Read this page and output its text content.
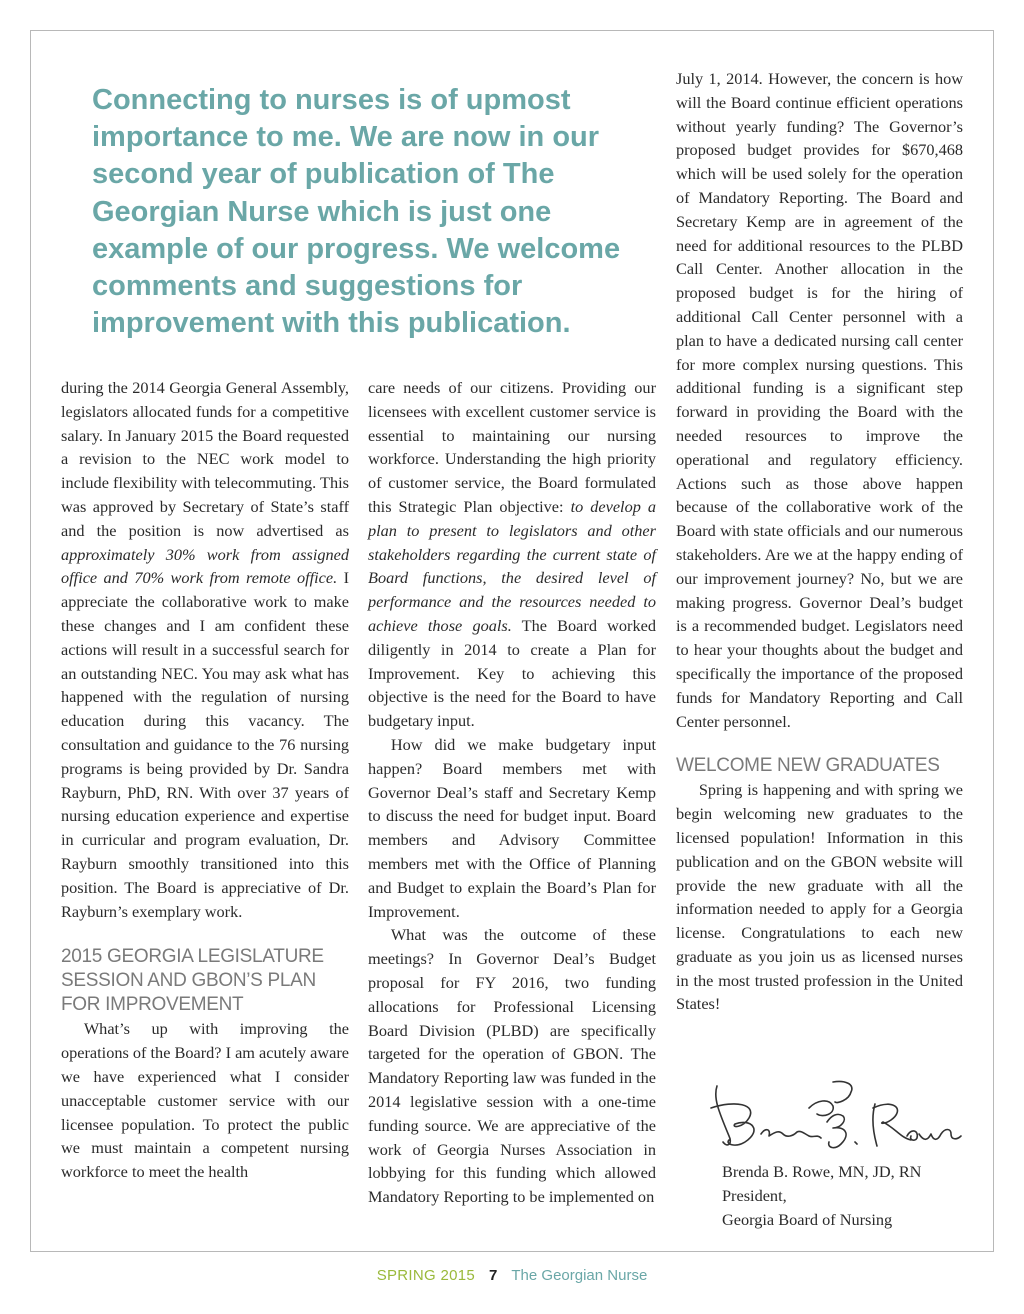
Connecting to nurses is of upmost importance to me. We are now in our second year of publication of The Georgian Nurse which is just one example of our progress. We welcome comments and suggestions for improvement with this publication.

during the 2014 Georgia General Assembly, legislators allocated funds for a competitive salary. In January 2015 the Board requested a revision to the NEC work model to include flexibility with telecommuting. This was approved by Secretary of State’s staff and the position is now advertised as approximately 30% work from assigned office and 70% work from remote office. I appreciate the collaborative work to make these changes and I am confident these actions will result in a successful search for an outstanding NEC. You may ask what has happened with the regulation of nursing education during this vacancy. The consultation and guidance to the 76 nursing programs is being provided by Dr. Sandra Rayburn, PhD, RN. With over 37 years of nursing education experience and expertise in curricular and program evaluation, Dr. Rayburn smoothly transitioned into this position. The Board is appreciative of Dr. Rayburn’s exemplary work.

2015 GEORGIA LEGISLATURE SESSION AND GBON’S PLAN FOR IMPROVEMENT

What’s up with improving the operations of the Board? I am acutely aware we have experienced what I consider unacceptable customer service with our licensee population. To protect the public we must maintain a competent nursing workforce to meet the health

care needs of our citizens. Providing our licensees with excellent customer service is essential to maintaining our nursing workforce. Understanding the high priority of customer service, the Board formulated this Strategic Plan objective: to develop a plan to present to legislators and other stakeholders regarding the current state of Board functions, the desired level of performance and the resources needed to achieve those goals. The Board worked diligently in 2014 to create a Plan for Improvement. Key to achieving this objective is the need for the Board to have budgetary input.

How did we make budgetary input happen? Board members met with Governor Deal’s staff and Secretary Kemp to discuss the need for budget input. Board members and Advisory Committee members met with the Office of Planning and Budget to explain the Board’s Plan for Improvement.

What was the outcome of these meetings? In Governor Deal’s Budget proposal for FY 2016, two funding allocations for Professional Licensing Board Division (PLBD) are specifically targeted for the operation of GBON. The Mandatory Reporting law was funded in the 2014 legislative session with a one-time funding source. We are appreciative of the work of Georgia Nurses Association in lobbying for this funding which allowed Mandatory Reporting to be implemented on

July 1, 2014. However, the concern is how will the Board continue efficient operations without yearly funding? The Governor’s proposed budget provides for $670,468 which will be used solely for the operation of Mandatory Reporting. The Board and Secretary Kemp are in agreement of the need for additional resources to the PLBD Call Center. Another allocation in the proposed budget is for the hiring of additional Call Center personnel with a plan to have a dedicated nursing call center for more complex nursing questions. This additional funding is a significant step forward in providing the Board with the needed resources to improve the operational and regulatory efficiency. Actions such as those above happen because of the collaborative work of the Board with state officials and our numerous stakeholders. Are we at the happy ending of our improvement journey? No, but we are making progress. Governor Deal’s budget is a recommended budget. Legislators need to hear your thoughts about the budget and specifically the importance of the proposed funds for Mandatory Reporting and Call Center personnel.

WELCOME NEW GRADUATES

Spring is happening and with spring we begin welcoming new graduates to the licensed population! Information in this publication and on the GBON website will provide the new graduate with all the information needed to apply for a Georgia license. Congratulations to each new graduate as you join us as licensed nurses in the most trusted profession in the United States!

Brenda B. Rowe, MN, JD, RN
President,
Georgia Board of Nursing
SPRING 2015 7 The Georgian Nurse
